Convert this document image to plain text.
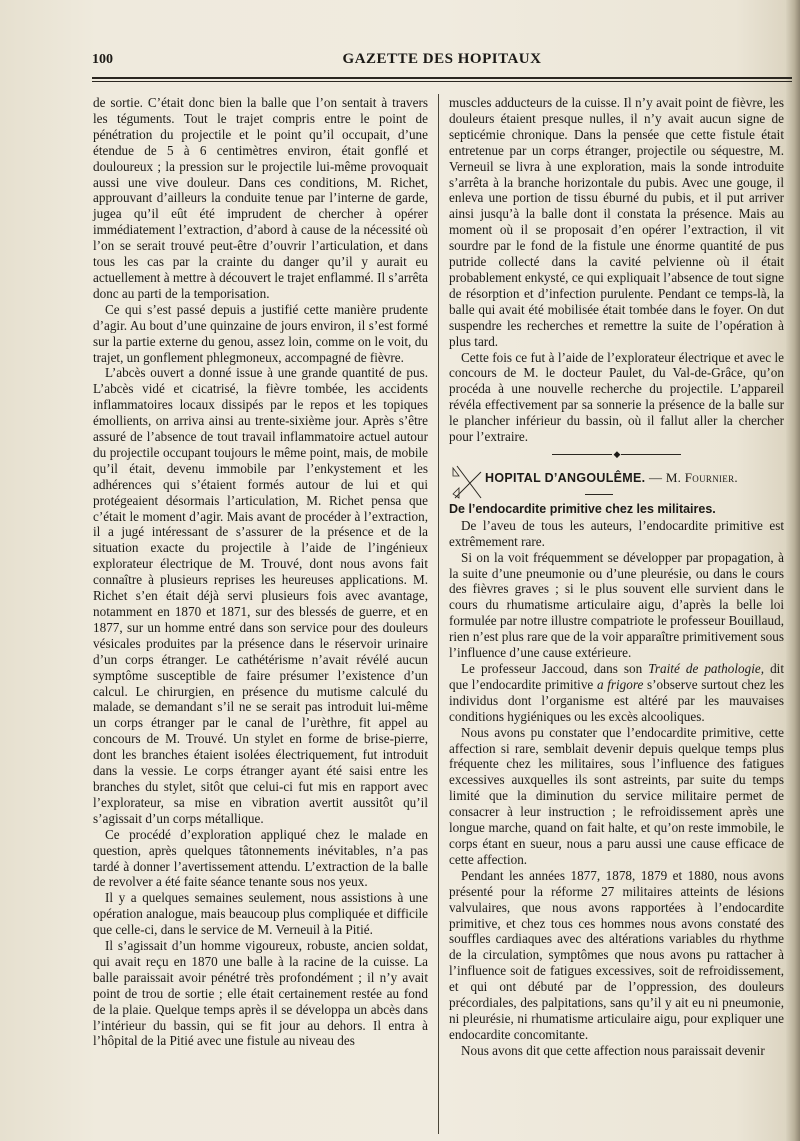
100	GAZETTE DES HOPITAUX

de sortie. C’était donc bien la balle que l’on sentait à travers les téguments. Tout le trajet compris entre le point de pénétration du projectile et le point qu’il occupait, d’une étendue de 5 à 6 centimètres environ, était gonflé et douloureux ; la pression sur le projectile lui-même provoquait aussi une vive douleur. Dans ces conditions, M. Richet, approuvant d’ailleurs la conduite tenue par l’interne de garde, jugea qu’il eût été imprudent de chercher à opérer immédiatement l’extraction, d’abord à cause de la nécessité où l’on se serait trouvé peut-être d’ouvrir l’articulation, et dans tous les cas par la crainte du danger qu’il y aurait eu actuellement à mettre à découvert le trajet enflammé. Il s’arrêta donc au parti de la temporisation.

Ce qui s’est passé depuis a justifié cette manière prudente d’agir. Au bout d’une quinzaine de jours environ, il s’est formé sur la partie externe du genou, assez loin, comme on le voit, du trajet, un gonflement phlegmoneux, accompagné de fièvre.

L’abcès ouvert a donné issue à une grande quantité de pus. L’abcès vidé et cicatrisé, la fièvre tombée, les accidents inflammatoires locaux dissipés par le repos et les topiques émollients, on arriva ainsi au trente-sixième jour. Après s’être assuré de l’absence de tout travail inflammatoire actuel autour du projectile occupant toujours le même point, mais, de mobile qu’il était, devenu immobile par l’enkystement et les adhérences qui s’étaient formés autour de lui et qui protégeaient désormais l’articulation, M. Richet pensa que c’était le moment d’agir. Mais avant de procéder à l’extraction, il a jugé intéressant de s’assurer de la présence et de la situation exacte du projectile à l’aide de l’ingénieux explorateur électrique de M. Trouvé, dont nous avons fait connaître à plusieurs reprises les heureuses applications. M. Richet s’en était déjà servi plusieurs fois avec avantage, notamment en 1870 et 1871, sur des blessés de guerre, et en 1877, sur un homme entré dans son service pour des douleurs vésicales produites par la présence dans le réservoir urinaire d’un corps étranger. Le cathétérisme n’avait révélé aucun symptôme susceptible de faire présumer l’existence d’un calcul. Le chirurgien, en présence du mutisme calculé du malade, se demandant s’il ne se serait pas introduit lui-même un corps étranger par le canal de l’urèthre, fit appel au concours de M. Trouvé. Un stylet en forme de brise-pierre, dont les branches étaient isolées électriquement, fut introduit dans la vessie. Le corps étranger ayant été saisi entre les branches du stylet, sitôt que celui-ci fut mis en rapport avec l’explorateur, sa mise en vibration avertit aussitôt qu’il s’agissait d’un corps métallique.

Ce procédé d’exploration appliqué chez le malade en question, après quelques tâtonnements inévitables, n’a pas tardé à donner l’avertissement attendu. L’extraction de la balle de revolver a été faite séance tenante sous nos yeux.

Il y a quelques semaines seulement, nous assistions à une opération analogue, mais beaucoup plus compliquée et difficile que celle-ci, dans le service de M. Verneuil à la Pitié.

Il s’agissait d’un homme vigoureux, robuste, ancien soldat, qui avait reçu en 1870 une balle à la racine de la cuisse. La balle paraissait avoir pénétré très profondément ; il n’y avait point de trou de sortie ; elle était certainement restée au fond de la plaie. Quelque temps après il se développa un abcès dans l’intérieur du bassin, qui se fit jour au dehors. Il entra à l’hôpital de la Pitié avec une fistule au niveau des

muscles adducteurs de la cuisse. Il n’y avait point de fièvre, les douleurs étaient presque nulles, il n’y avait aucun signe de septicémie chronique. Dans la pensée que cette fistule était entretenue par un corps étranger, projectile ou séquestre, M. Verneuil se livra à une exploration, mais la sonde introduite s’arrêta à la branche horizontale du pubis. Avec une gouge, il enleva une portion de tissu éburné du pubis, et il put arriver ainsi jusqu’à la balle dont il constata la présence. Mais au moment où il se proposait d’en opérer l’extraction, il vit sourdre par le fond de la fistule une énorme quantité de pus putride collecté dans la cavité pelvienne où il était probablement enkysté, ce qui expliquait l’absence de tout signe de résorption et d’infection purulente. Pendant ce temps-là, la balle qui avait été mobilisée était tombée dans le foyer. On dut suspendre les recherches et remettre la suite de l’opération à plus tard.

Cette fois ce fut à l’aide de l’explorateur électrique et avec le concours de M. le docteur Paulet, du Val-de-Grâce, qu’on procéda à une nouvelle recherche du projectile. L’appareil révéla effectivement par sa sonnerie la présence de la balle sur le plancher inférieur du bassin, où il fallut aller la chercher pour l’extraire.

◆
HOPITAL D’ANGOULÊME. — M. Fournier.

De l’endocardite primitive chez les militaires.

De l’aveu de tous les auteurs, l’endocardite primitive est extrêmement rare.

Si on la voit fréquemment se développer par propagation, à la suite d’une pneumonie ou d’une pleurésie, ou dans le cours des fièvres graves ; si le plus souvent elle survient dans le cours du rhumatisme articulaire aigu, d’après la belle loi formulée par notre illustre compatriote le professeur Bouillaud, rien n’est plus rare que de la voir apparaître primitivement sous l’influence d’une cause extérieure.

Le professeur Jaccoud, dans son Traité de pathologie, dit que l’endocardite primitive a frigore s’observe surtout chez les individus dont l’organisme est altéré par les mauvaises conditions hygiéniques ou les excès alcooliques.

Nous avons pu constater que l’endocardite primitive, cette affection si rare, semblait devenir depuis quelque temps plus fréquente chez les militaires, sous l’influence des fatigues excessives auxquelles ils sont astreints, par suite du temps limité que la diminution du service militaire permet de consacrer à leur instruction ; le refroidissement après une longue marche, quand on fait halte, et qu’on reste immobile, le corps étant en sueur, nous a paru aussi une cause efficace de cette affection.

Pendant les années 1877, 1878, 1879 et 1880, nous avons présenté pour la réforme 27 militaires atteints de lésions valvulaires, que nous avons rapportées à l’endocardite primitive, et chez tous ces hommes nous avons constaté des souffles cardiaques avec des altérations variables du rhythme de la circulation, symptômes que nous avons pu rattacher à l’influence soit de fatigues excessives, soit de refroidissement, et qui ont débuté par de l’oppression, des douleurs précordiales, des palpitations, sans qu’il y ait eu ni pneumonie, ni pleurésie, ni rhumatisme articulaire aigu, pour expliquer une endocardite concomitante.

Nous avons dit que cette affection nous paraissait devenir
